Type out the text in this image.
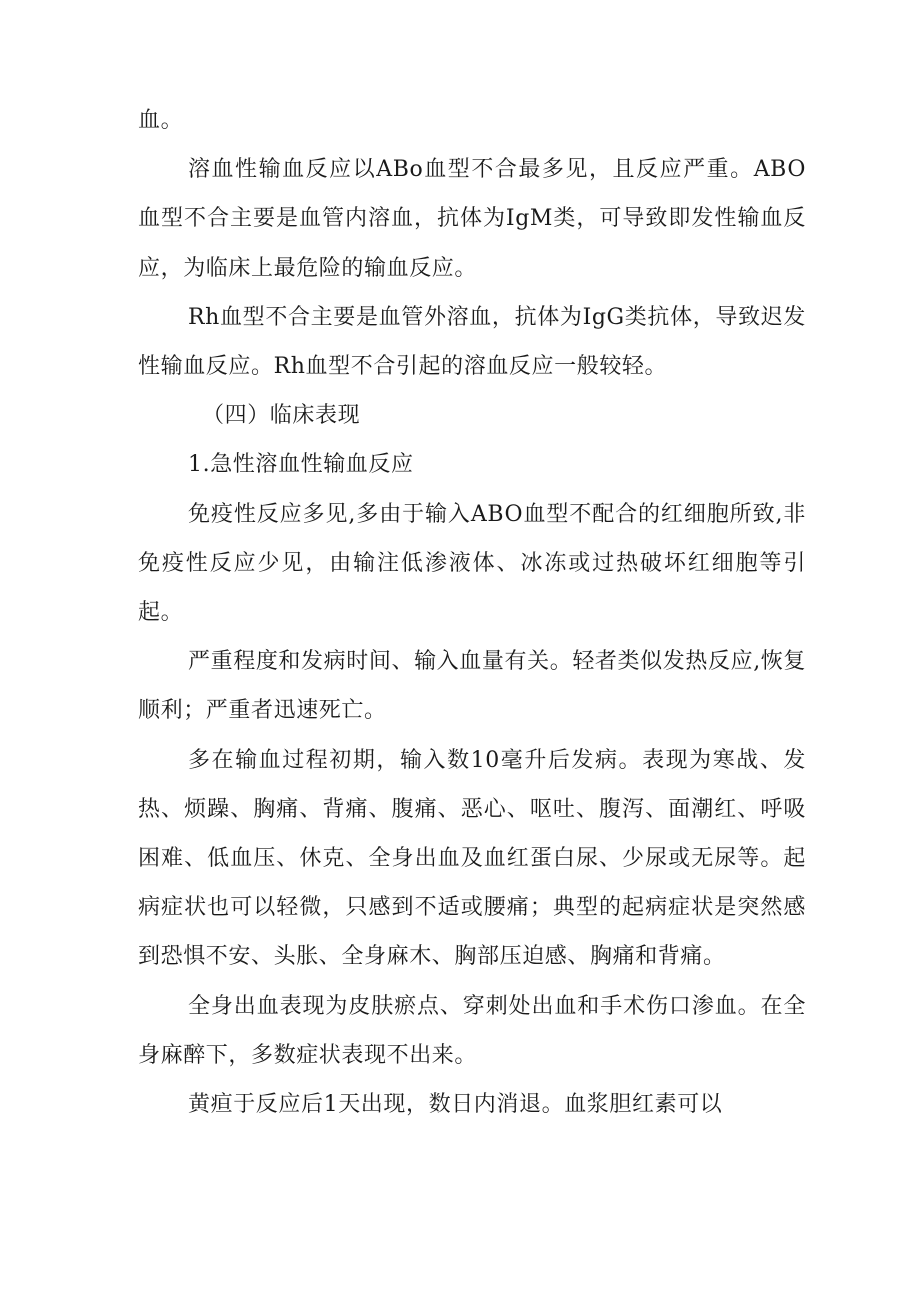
血。

溶血性输血反应以ABo血型不合最多见，且反应严重。ABO血型不合主要是血管内溶血，抗体为IgM类，可导致即发性输血反应，为临床上最危险的输血反应。

Rh血型不合主要是血管外溶血，抗体为IgG类抗体，导致迟发性输血反应。Rh血型不合引起的溶血反应一般较轻。

（四）临床表现

1.急性溶血性输血反应

免疫性反应多见,多由于输入ABO血型不配合的红细胞所致,非免疫性反应少见，由输注低渗液体、冰冻或过热破坏红细胞等引起。

严重程度和发病时间、输入血量有关。轻者类似发热反应,恢复顺利；严重者迅速死亡。

多在输血过程初期，输入数10毫升后发病。表现为寒战、发热、烦躁、胸痛、背痛、腹痛、恶心、呕吐、腹泻、面潮红、呼吸困难、低血压、休克、全身出血及血红蛋白尿、少尿或无尿等。起病症状也可以轻微，只感到不适或腰痛；典型的起病症状是突然感到恐惧不安、头胀、全身麻木、胸部压迫感、胸痛和背痛。

全身出血表现为皮肤瘀点、穿刺处出血和手术伤口渗血。在全身麻醉下，多数症状表现不出来。

黄疸于反应后1天出现，数日内消退。血浆胆红素可以
